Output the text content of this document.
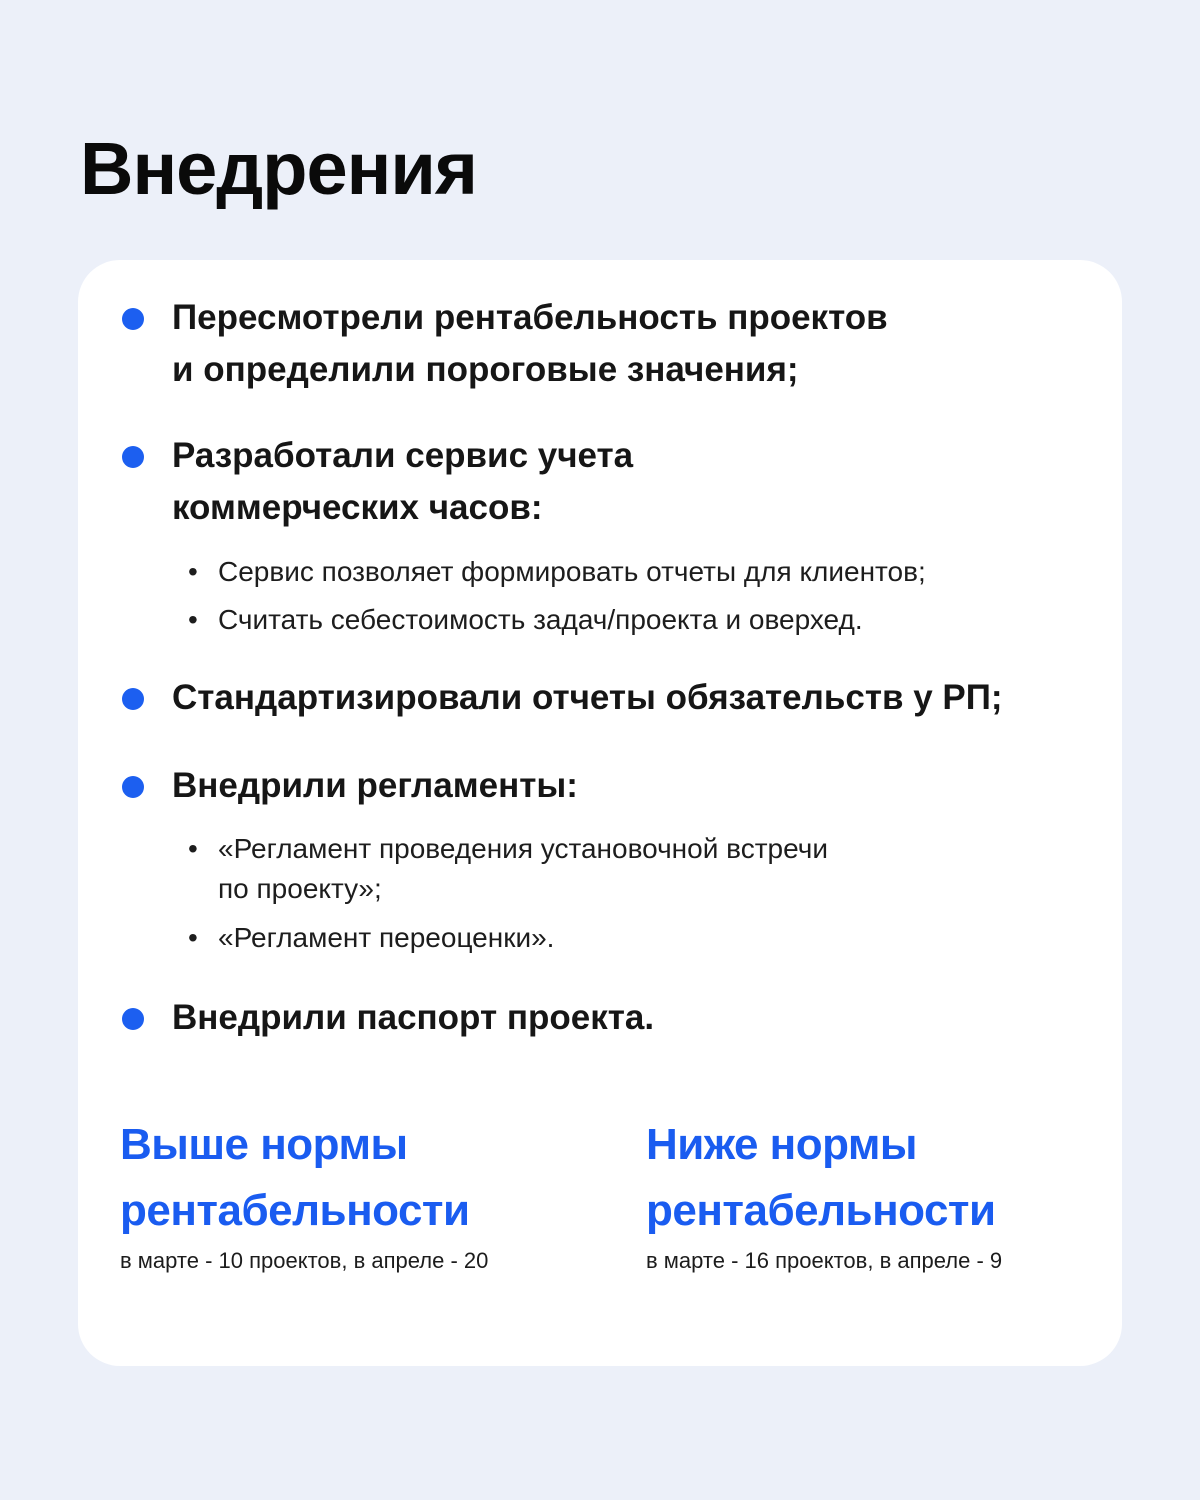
Внедрения
Пересмотрели рентабельность проектов
и определили пороговые значения;
Разработали сервис учета
коммерческих часов:
• Сервис позволяет формировать отчеты для клиентов;
• Считать себестоимость задач/проекта и оверхед.
Стандартизировали отчеты обязательств у РП;
Внедрили регламенты:
• «Регламент проведения установочной встречи
по проекту»;
• «Регламент переоценки».
Внедрили паспорт проекта.
Выше нормы
рентабельности
в марте - 10 проектов, в апреле - 20
Ниже нормы
рентабельности
в марте - 16 проектов, в апреле - 9
